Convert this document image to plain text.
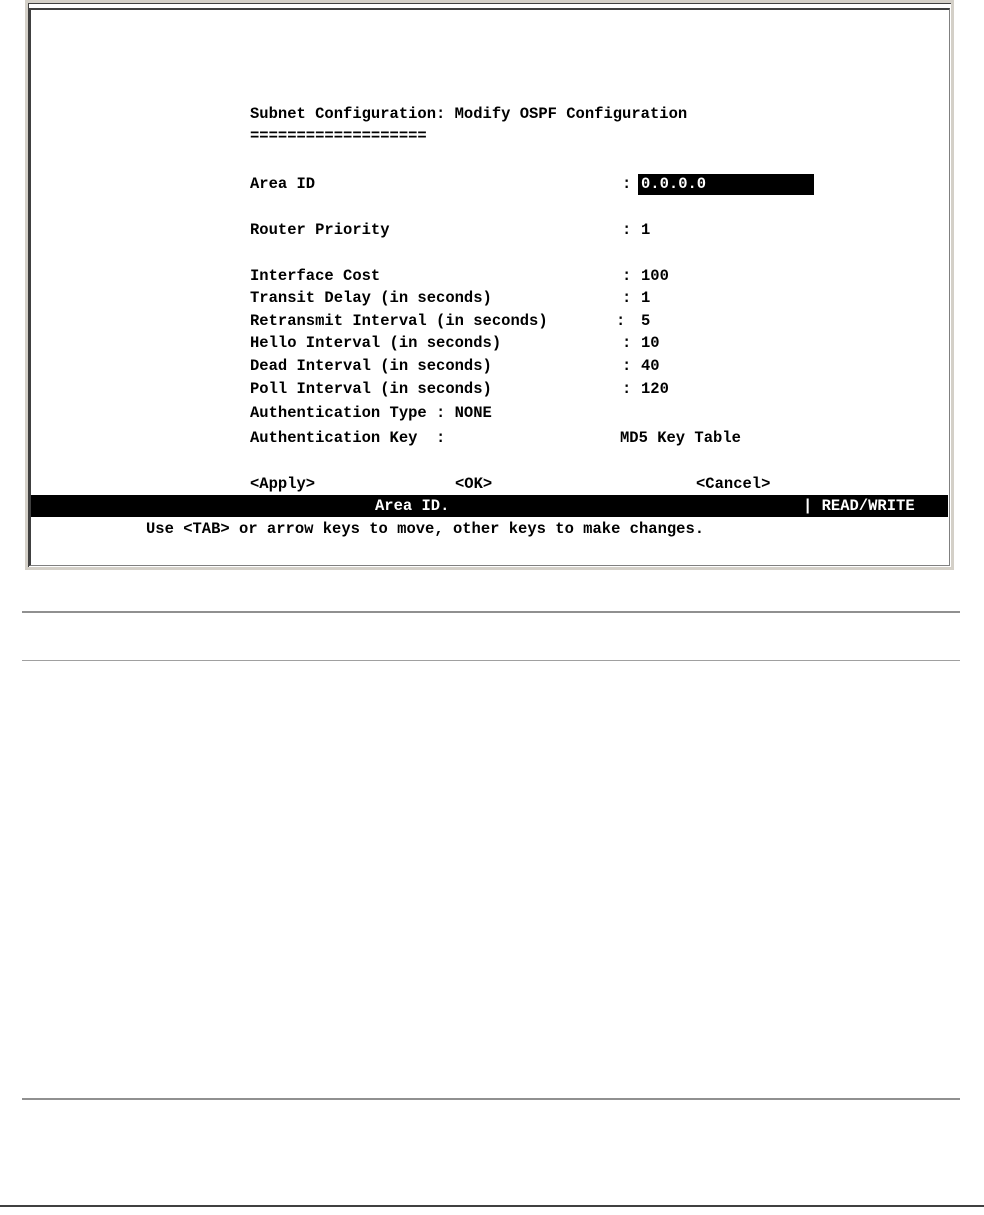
Subnet Configuration: Modify OSPF Configuration
===================
Area ID	: 0.0.0.0
Router Priority	: 1
Interface Cost	: 100
Transit Delay (in seconds)	: 1
Retransmit Interval (in seconds)	: 5
Hello Interval (in seconds)	: 10
Dead Interval (in seconds)	: 40
Poll Interval (in seconds)	: 120
Authentication Type : NONE
Authentication Key  :	MD5 Key Table
<Apply>	<OK>	<Cancel>
Area ID.	| READ/WRITE
Use <TAB> or arrow keys to move, other keys to make changes.
